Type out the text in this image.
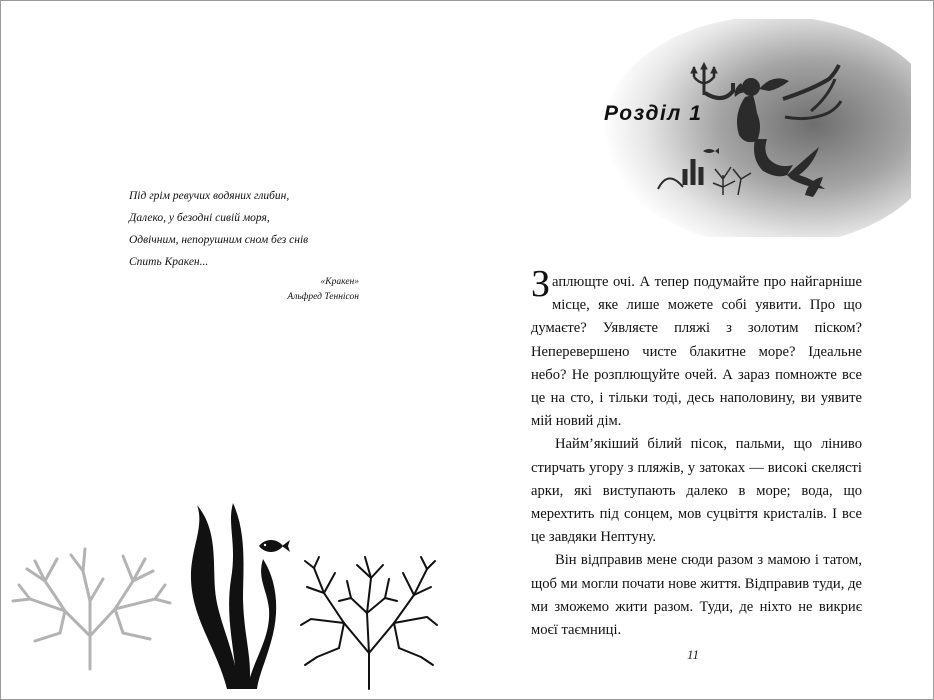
Під грім ревучих водяних глибин,
Далеко, у безодні сивій моря,
Одвічним, непорушним сном без снів
Спить Кракен...
«Кракен»
Альфред Теннісон
Розділ 1

Заплющте очі. А тепер подумайте про найгарніше місце, яке лише можете собі уявити. Про що думаєте? Уявляєте пляжі з золотим піском? Неперевершено чисте блакитне море? Ідеальне небо? Не розплющуйте очей. А зараз помножте все це на сто, і тільки тоді, десь наполовину, ви уявите мій новий дім.

Найм’якіший білий пісок, пальми, що ліниво стирчать угору з пляжів, у затоках — високі скелясті арки, які виступають далеко в море; вода, що мерехтить під сонцем, мов суцвіття кристалів. І все це завдяки Нептуну.

Він відправив мене сюди разом з мамою і татом, щоб ми могли почати нове життя. Відправив туди, де ми зможемо жити разом. Туди, де ніхто не викриє моєї таємниці.

11
